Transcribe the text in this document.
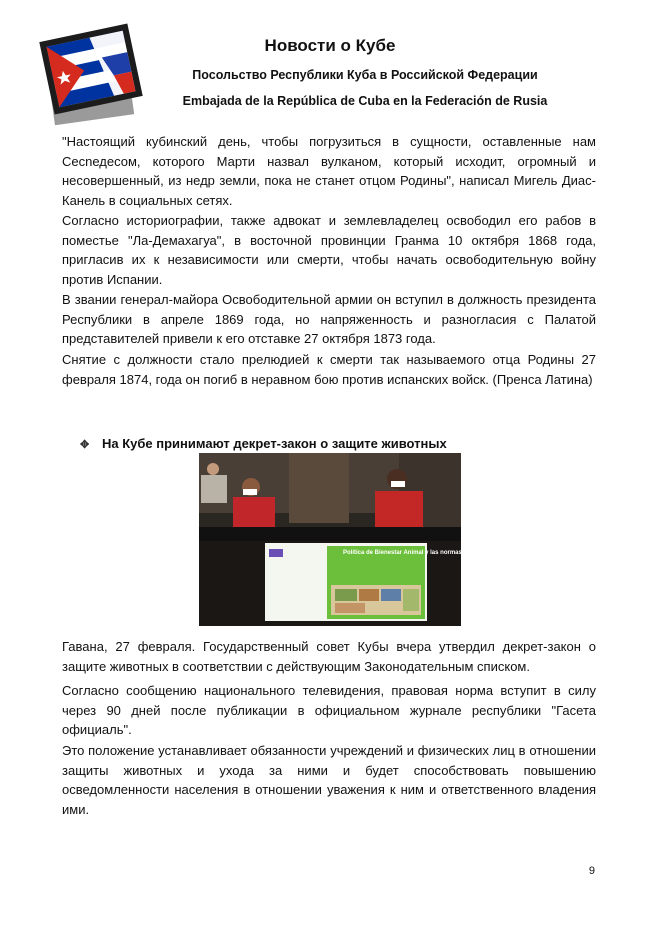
Новости о Кубе
Посольство Республики Куба в Российской Федерации
Embajada de la República de Cuba en la Federación de Rusia

"Настоящий кубинский день, чтобы погрузиться в сущности, оставленные нам Сесnедесом, которого Марти назвал вулканом, который исходит, огромный и несовершенный, из недр земли, пока не станет отцом Родины", написал Мигель Диас-Канель в социальных сетях.

Согласно историографии, также адвокат и землевладелец освободил его рабов в поместье "Ла-Демахагуа", в восточной провинции Гранма 10 октября 1868 года, пригласив их к независимости или смерти, чтобы начать освободительную войну против Испании.

В звании генерал-майора Освободительной армии он вступил в должность президента Республики в апреле 1869 года, но напряженность и разногласия с Палатой представителей привели к его отставке 27 октября 1873 года.

Снятие с должности стало прелюдией к смерти так называемого отца Родины 27 февраля 1874, года он погиб в неравном бою против испанских войск. (Пренса Латина)

✥ На Кубе принимают декрет-закон о защите животных
Política de Bienestar Animal y las normas jurídicas que la instrumentan

Гавана, 27 февраля. Государственный совет Кубы вчера утвердил декрет-закон о защите животных в соответствии с действующим Законодательным списком.

Согласно сообщению национального телевидения, правовая норма вступит в силу через 90 дней после публикации в официальном журнале республики "Гасета официаль".

Это положение устанавливает обязанности учреждений и физических лиц в отношении защиты животных и ухода за ними и будет способствовать повышению осведомленности населения в отношении уважения к ним и ответственного владения ими.

9
